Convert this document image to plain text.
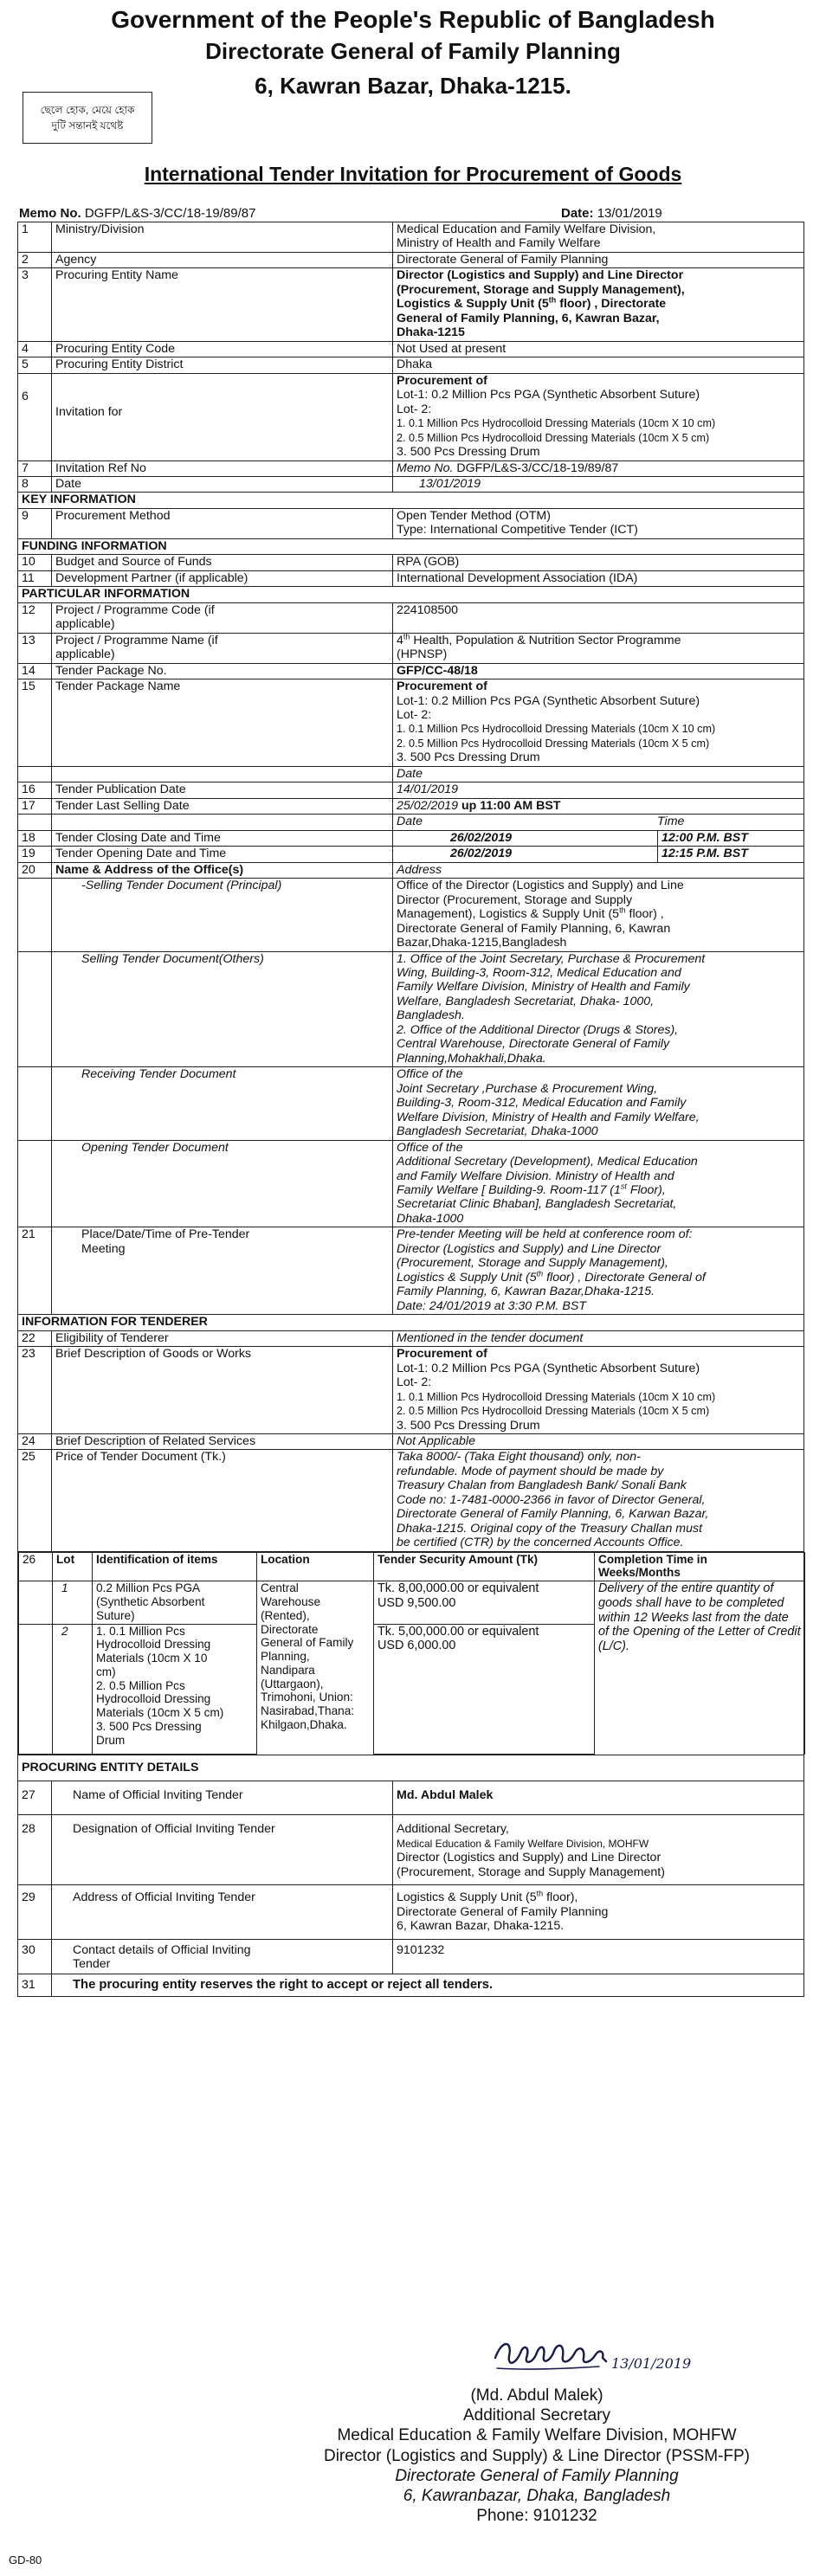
Government of the People's Republic of Bangladesh
Directorate General of Family Planning
6, Kawran Bazar, Dhaka-1215.
ছেলে হোক, মেয়ে হোক
দুটি সন্তানই যথেষ্ট
International Tender Invitation for Procurement of Goods
Memo No. DGFP/L&S-3/CC/18-19/89/87	Date: 13/01/2019
1	Ministry/Division	Medical Education and Family Welfare Division,
Ministry of Health and Family Welfare
2	Agency	Directorate General of Family Planning
3	Procuring Entity Name	Director (Logistics and Supply) and Line Director
(Procurement, Storage and Supply Management),
Logistics & Supply Unit (5th floor) , Directorate
General of Family Planning, 6, Kawran Bazar,
Dhaka-1215
4	Procuring Entity Code	Not Used at present
5	Procuring Entity District	Dhaka
6	Invitation for	Procurement of
Lot-1: 0.2 Million Pcs PGA (Synthetic Absorbent Suture)
Lot- 2:
1. 0.1 Million Pcs Hydrocolloid Dressing Materials (10cm X 10 cm)
2. 0.5 Million Pcs Hydrocolloid Dressing Materials (10cm X 5 cm)
3. 500 Pcs Dressing Drum
7	Invitation Ref No	Memo No. DGFP/L&S-3/CC/18-19/89/87
8	Date	13/01/2019
KEY INFORMATION
9	Procurement Method	Open Tender Method (OTM)
Type: International Competitive Tender (ICT)
FUNDING INFORMATION
10	Budget and Source of Funds	RPA (GOB)
11	Development Partner (if applicable)	International Development Association (IDA)
PARTICULAR INFORMATION
12	Project / Programme Code (if
applicable)	224108500
13	Project / Programme Name (if
applicable)	4th Health, Population & Nutrition Sector Programme
(HPNSP)
14	Tender Package No.	GFP/CC-48/18
15	Tender Package Name	Procurement of
Lot-1: 0.2 Million Pcs PGA (Synthetic Absorbent Suture)
Lot- 2:
1. 0.1 Million Pcs Hydrocolloid Dressing Materials (10cm X 10 cm)
2. 0.5 Million Pcs Hydrocolloid Dressing Materials (10cm X 5 cm)
3. 500 Pcs Dressing Drum
		Date
16	Tender Publication Date	14/01/2019
17	Tender Last Selling Date	25/02/2019 up 11:00 AM BST
		Date	Time

18	Tender Closing Date and Time	26/02/2019	12:00 P.M. BST

19	Tender Opening Date and Time	26/02/2019	12:15 P.M. BST

20	Name & Address of the Office(s)	Address
	-Selling Tender Document (Principal)	Office of the Director (Logistics and Supply) and Line
Director (Procurement, Storage and Supply
Management), Logistics & Supply Unit (5th floor) ,
Directorate General of Family Planning, 6, Kawran
Bazar,Dhaka-1215,Bangladesh
	Selling Tender Document(Others)	1. Office of the Joint Secretary, Purchase & Procurement
Wing, Building-3, Room-312, Medical Education and
Family Welfare Division, Ministry of Health and Family
Welfare, Bangladesh Secretariat, Dhaka- 1000,
Bangladesh.
2. Office of the Additional Director (Drugs & Stores),
Central Warehouse, Directorate General of Family
Planning,Mohakhali,Dhaka.
	Receiving Tender Document	Office of the
Joint Secretary ,Purchase & Procurement Wing,
Building-3, Room-312, Medical Education and Family
Welfare Division, Ministry of Health and Family Welfare,
Bangladesh Secretariat, Dhaka-1000
	Opening Tender Document	Office of the
Additional Secretary (Development), Medical Education
and Family Welfare Division. Ministry of Health and
Family Welfare [ Building-9. Room-117 (1st Floor),
Secretariat Clinic Bhaban], Bangladesh Secretariat,
Dhaka-1000
21	Place/Date/Time of Pre-Tender
Meeting	Pre-tender Meeting will be held at conference room of:
Director (Logistics and Supply) and Line Director
(Procurement, Storage and Supply Management),
Logistics & Supply Unit (5th floor) , Directorate General of
Family Planning, 6, Kawran Bazar,Dhaka-1215.
Date: 24/01/2019 at 3:30 P.M. BST
INFORMATION FOR TENDERER
22	Eligibility of Tenderer	Mentioned in the tender document
23	Brief Description of Goods or Works	Procurement of
Lot-1: 0.2 Million Pcs PGA (Synthetic Absorbent Suture)
Lot- 2:
1. 0.1 Million Pcs Hydrocolloid Dressing Materials (10cm X 10 cm)
2. 0.5 Million Pcs Hydrocolloid Dressing Materials (10cm X 5 cm)
3. 500 Pcs Dressing Drum
24	Brief Description of Related Services	Not Applicable
25	Price of Tender Document (Tk.)	Taka 8000/- (Taka Eight thousand) only, non-
refundable. Mode of payment should be made by
Treasury Chalan from Bangladesh Bank/ Sonali Bank
Code no: 1-7481-0000-2366 in favor of Director General,
Directorate General of Family Planning, 6, Karwan Bazar,
Dhaka-1215. Original copy of the Treasury Challan must
be certified (CTR) by the concerned Accounts Office.

26	Lot	Identification of items	Location	Tender Security Amount (Tk)	Completion Time in
Weeks/Months
	1	0.2 Million Pcs PGA
(Synthetic Absorbent
Suture)	Central
Warehouse
(Rented),
Directorate
General of Family
Planning,
Nandipara
(Uttargaon),
Trimohoni, Union:
Nasirabad,Thana:
Khilgaon,Dhaka.	Tk. 8,00,000.00 or equivalent
USD 9,500.00	Delivery of the entire quantity of goods shall have to be completed within 12 Weeks last from the date of the Opening of the Letter of Credit (L/C).
	2	1. 0.1 Million Pcs
Hydrocolloid Dressing
Materials (10cm X 10
cm)
2. 0.5 Million Pcs
Hydrocolloid Dressing
Materials (10cm X 5 cm)
3. 500 Pcs Dressing
Drum	Tk. 5,00,000.00 or equivalent
USD 6,000.00

PROCURING ENTITY DETAILS
27	Name of Official Inviting Tender	Md. Abdul Malek
28	Designation of Official Inviting Tender	Additional Secretary,
Medical Education & Family Welfare Division, MOHFW
Director (Logistics and Supply) and Line Director
(Procurement, Storage and Supply Management)
29	Address of Official Inviting Tender	Logistics & Supply Unit (5th floor),
Directorate General of Family Planning
6, Kawran Bazar, Dhaka-1215.
30	Contact details of Official Inviting
Tender	9101232
31	The procuring entity reserves the right to accept or reject all tenders.
13/01/2019
(Md. Abdul Malek)
Additional Secretary
Medical Education & Family Welfare Division, MOHFW
Director (Logistics and Supply) & Line Director (PSSM-FP)
Directorate General of Family Planning
6, Kawranbazar, Dhaka, Bangladesh
Phone: 9101232
GD-80
